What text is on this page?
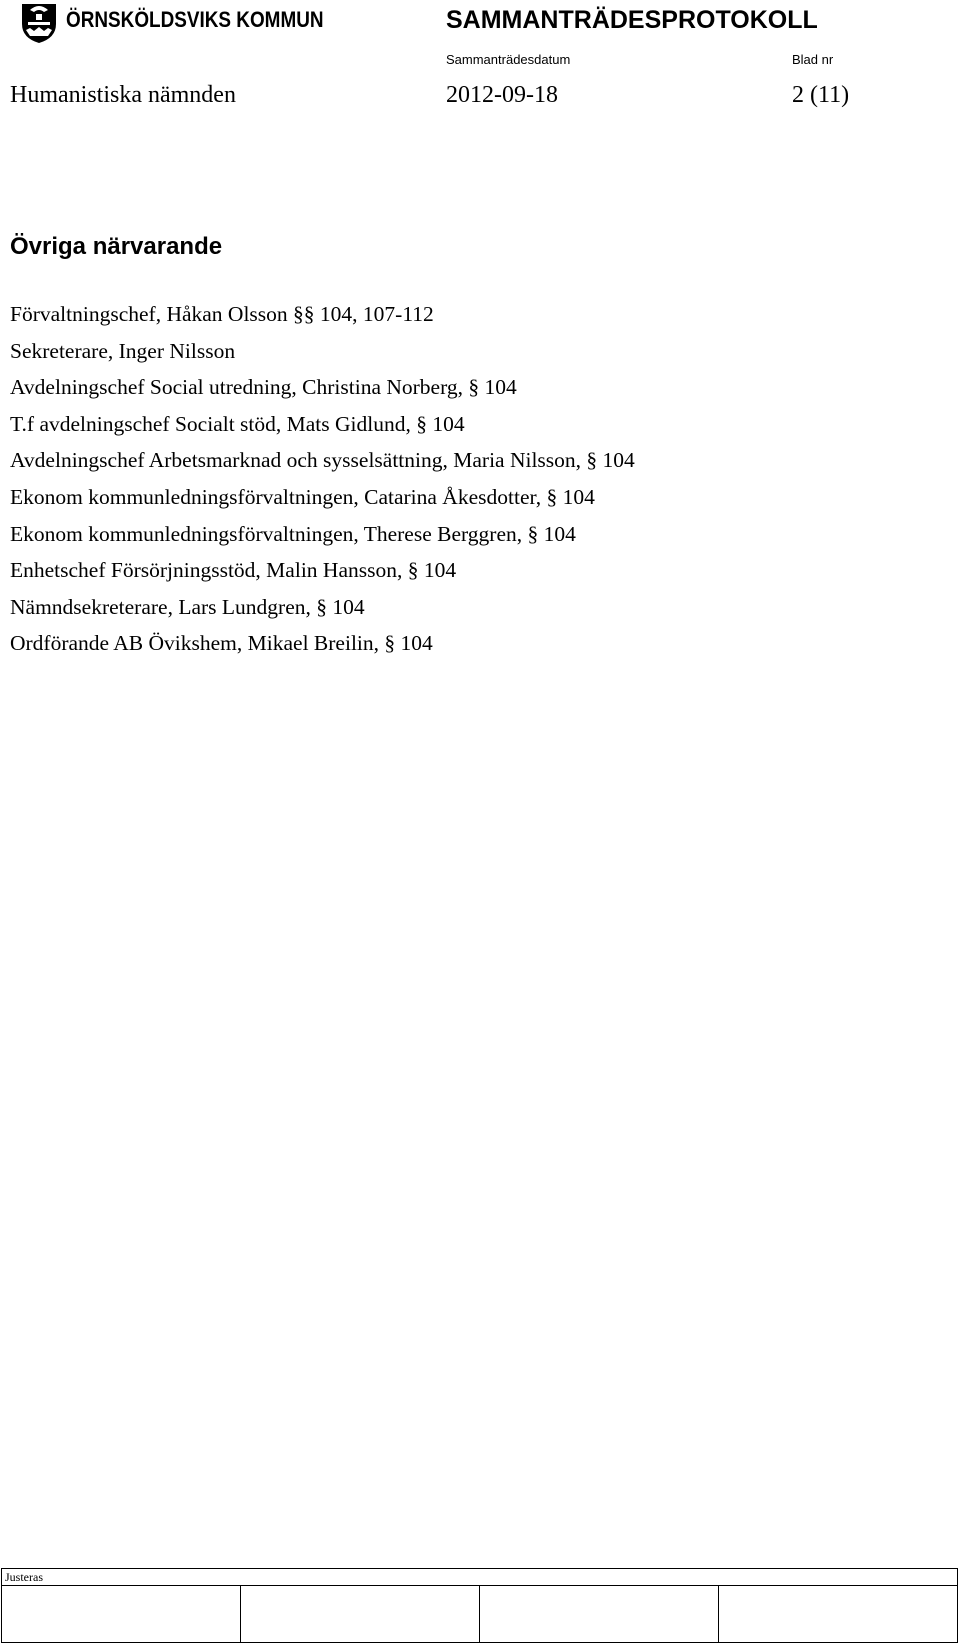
ÖRNSKÖLDSVIKS KOMMUN	SAMMANTRÄDESPROTOKOLL
Sammanträdesdatum	Blad nr
Humanistiska nämnden	2012-09-18	2 (11)
Övriga närvarande
Förvaltningschef, Håkan Olsson §§ 104, 107-112
Sekreterare, Inger Nilsson
Avdelningschef Social utredning, Christina Norberg, § 104
T.f avdelningschef Socialt stöd, Mats Gidlund, § 104
Avdelningschef Arbetsmarknad och sysselsättning, Maria Nilsson, § 104
Ekonom kommunledningsförvaltningen, Catarina Åkesdotter, § 104
Ekonom kommunledningsförvaltningen, Therese Berggren, § 104
Enhetschef Försörjningsstöd, Malin Hansson, § 104
Nämndsekreterare, Lars Lundgren, § 104
Ordförande AB Övikshem, Mikael Breilin, § 104
Justeras
